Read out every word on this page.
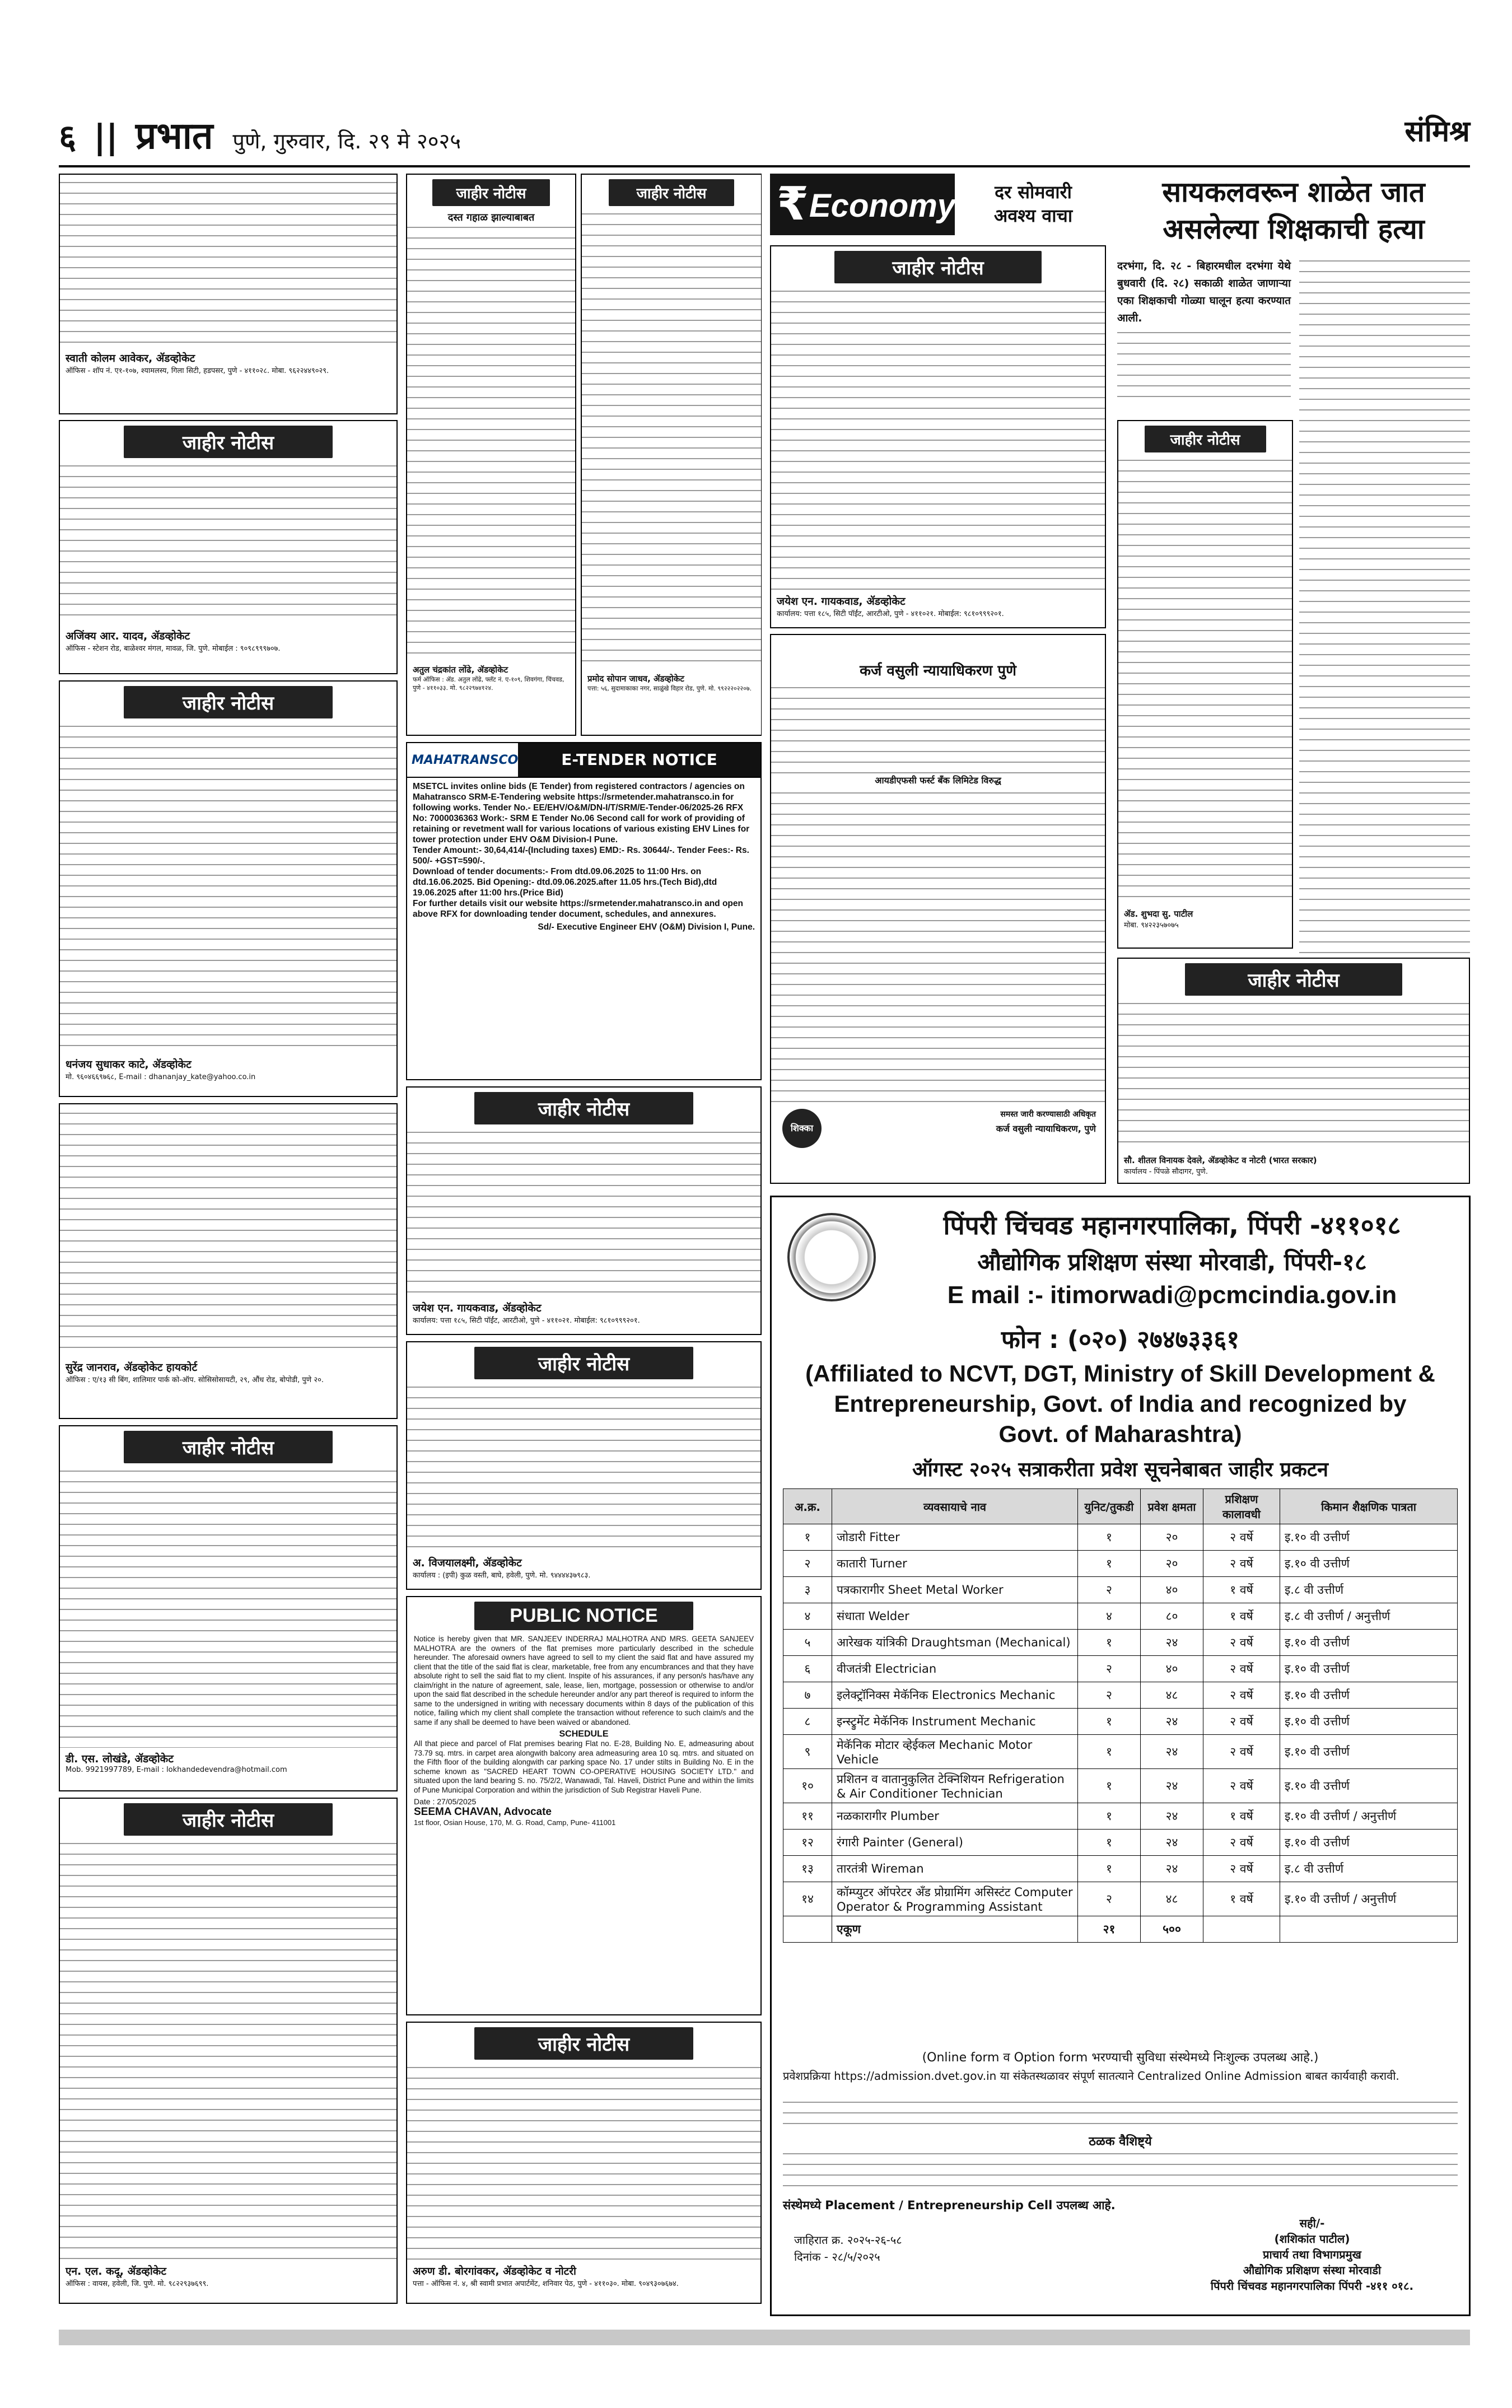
६ || प्रभात पुणे, गुरुवार, दि. २९ मे २०२५	संमिश्र
स्वाती कोलम आवेकर, ॲडव्होकेट
ऑफिस - शॉप नं. ए१-१०७, श्यामलस्य, गिला सिटी, हडपसर, पुणे - ४११०२८. मोबा. ९६२२४४९०२९.
जाहीर नोटीस
अजिंक्य आर. यादव, ॲडव्होकेट
ऑफिस - स्टेशन रोड, बाळेश्वर मंगल, मावळ, जि. पुणे. मोबाईल : ९०९८९९९७०७.
जाहीर नोटीस
धनंजय सुधाकर काटे, ॲडव्होकेट
मो. ९६०४६६९७६८, E-mail : dhananjay_kate@yahoo.co.in
सुरेंद्र जानराव, ॲडव्होकेट हायकोर्ट
ऑफिस : ए/१३ सी बिंग, शालिमार पार्क को-ऑप. सोसिसोसायटी, २९, औंध रोड, बोपोडी, पुणे २०.
जाहीर नोटीस
डी. एस. लोखंडे, ॲडव्होकेट
Mob. 9921997789, E-mail : lokhandedevendra@hotmail.com
जाहीर नोटीस
एन. एल. कदू, ॲडव्होकेट
ऑफिस : वायस, हवेली, जि. पुणे. मो. ९८२२९३७६९९.
जाहीर नोटीस
दस्त गहाळ झाल्याबाबत
अतुल चंद्रकांत लोंढे, ॲडव्होकेट
फर्म ऑफिस : ॲड. अतुल लोंढे, फ्लॅट नं. ए-१०९, शिवगंगा, चिंचवड, पुणे - ४११०३३. मो. ९८२२९७४१२४.
जाहीर नोटीस
प्रमोद सोपान जाधव, ॲडव्होकेट
पत्ता: ५६, सुदामाकाका नगर, साळुंखे विहार रोड, पुणे. मो. ९९२२२०२२०७.
MAHATRANSCO	E-TENDER NOTICE
MSETCL invites online bids (E Tender) from registered contractors / agencies on Mahatransco SRM-E-Tendering website https://srmetender.mahatransco.in for following works. Tender No.- EE/EHV/O&M/DN-I/T/SRM/E-Tender-06/2025-26 RFX No: 7000036363 Work:- SRM E Tender No.06 Second call for work of providing of retaining or revetment wall for various locations of various existing EHV Lines for tower protection under EHV O&M Division-I Pune.
Tender Amount:- 30,64,414/-(Including taxes) EMD:- Rs. 30644/-. Tender Fees:- Rs. 500/- +GST=590/-.
Download of tender documents:- From dtd.09.06.2025 to 11:00 Hrs. on dtd.16.06.2025. Bid Opening:- dtd.09.06.2025.after 11.05 hrs.(Tech Bid),dtd 19.06.2025 after 11:00 hrs.(Price Bid)
For further details visit our website https://srmetender.mahatransco.in and open above RFX for downloading tender document, schedules, and annexures.
Sd/- Executive Engineer EHV (O&M) Division I, Pune.
जाहीर नोटीस
जयेश एन. गायकवाड, ॲडव्होकेट
कार्यालय: पत्ता १८५, सिटी पॉईंट, आरटीओ, पुणे - ४११०२१. मोबाईल: ९८१०९९९२०१.
जाहीर नोटीस
अ. विजयालक्ष्मी, ॲडव्होकेट
कार्यालय : (इपी) कुळ वस्ती, बाघे, हवेली, पुणे. मो. ९४४४४३७९८३.
PUBLIC NOTICE
Notice is hereby given that MR. SANJEEV INDERRAJ MALHOTRA AND MRS. GEETA SANJEEV MALHOTRA are the owners of the flat premises more particularly described in the schedule hereunder. The aforesaid owners have agreed to sell to my client the said flat and have assured my client that the title of the said flat is clear, marketable, free from any encumbrances and that they have absolute right to sell the said flat to my client. Inspite of his assurances, if any person/s has/have any claim/right in the nature of agreement, sale, lease, lien, mortgage, possession or otherwise to and/or upon the said flat described in the schedule hereunder and/or any part thereof is required to inform the same to the undersigned in writing with necessary documents within 8 days of the publication of this notice, failing which my client shall complete the transaction without reference to such claim/s and the same if any shall be deemed to have been waived or abandoned.
SCHEDULE
All that piece and parcel of Flat premises bearing Flat no. E-28, Building No. E, admeasuring about 73.79 sq. mtrs. in carpet area alongwith balcony area admeasuring area 10 sq. mtrs. and situated on the Fifth floor of the building alongwith car parking space No. 17 under stilts in Building No. E in the scheme known as "SACRED HEART TOWN CO-OPERATIVE HOUSING SOCIETY LTD." and situated upon the land bearing S. no. 75/2/2, Wanawadi, Tal. Haveli, District Pune and within the limits of Pune Municipal Corporation and within the jurisdiction of Sub Registrar Haveli Pune.
Date : 27/05/2025
SEEMA CHAVAN, Advocate
1st floor, Osian House, 170, M. G. Road, Camp, Pune- 411001
जाहीर नोटीस
अरुण डी. बोरगांवकर, ॲडव्होकेट व नोटरी
पत्ता - ऑफिस नं. ४, श्री स्वामी प्रभात अपार्टमेंट, शनिवार पेठ, पुणे - ४११०३०. मोबा. ९०४९३०७६७४.
₹ Economy	दर सोमवारी
अवश्य वाचा
जाहीर नोटीस
जयेश एन. गायकवाड, ॲडव्होकेट
कार्यालय: पत्ता १८५, सिटी पॉईंट, आरटीओ, पुणे - ४११०२१. मोबाईल: ९८१०९९९२०१.
कर्ज वसुली न्यायाधिकरण पुणे
आयडीएफसी फर्स्ट बँक लिमिटेड विरुद्ध
शिक्का
समस्त जारी करण्यासाठी अधिकृत
कर्ज वसुली न्यायाधिकरण, पुणे
सायकलवरून शाळेत जात
असलेल्या शिक्षकाची हत्या
दरभंगा, दि. २८ - बिहारमधील दरभंगा येथे बुधवारी (दि. २८) सकाळी शाळेत जाणाऱ्या एका शिक्षकाची गोळ्या घालून हत्या करण्यात आली.
जाहीर नोटीस
ॲड. शुभदा सु. पाटील
मोबा. ९४२२३५७०७५
जाहीर नोटीस
सौ. शीतल विनायक देवले, ॲडव्होकेट व नोटरी (भारत सरकार)
कार्यालय - पिंपळे सौदागर, पुणे.
पिंपरी चिंचवड महानगरपालिका, पिंपरी -४११०१८
औद्योगिक प्रशिक्षण संस्था मोरवाडी, पिंपरी-१८
E mail :- itimorwadi@pcmcindia.gov.in
फोन : (०२०) २७४७३३६१
(Affiliated to NCVT, DGT, Ministry of Skill Development & Entrepreneurship, Govt. of India and recognized by Govt. of Maharashtra)
ऑगस्ट २०२५ सत्राकरीता प्रवेश सूचनेबाबत जाहीर प्रकटन
अ.क्र.	व्यवसायाचे नाव	युनिट/तुकडी	प्रवेश क्षमता	प्रशिक्षण कालावधी	किमान शैक्षणिक पात्रता
१	जोडारी Fitter	१	२०	२ वर्षे	इ.१० वी उत्तीर्ण
२	कातारी Turner	१	२०	२ वर्षे	इ.१० वी उत्तीर्ण
३	पत्रकारागीर Sheet Metal Worker	२	४०	१ वर्षे	इ.८ वी उत्तीर्ण
४	संधाता Welder	४	८०	१ वर्षे	इ.८ वी उत्तीर्ण / अनुत्तीर्ण
५	आरेखक यांत्रिकी Draughtsman (Mechanical)	१	२४	२ वर्षे	इ.१० वी उत्तीर्ण
६	वीजतंत्री Electrician	२	४०	२ वर्षे	इ.१० वी उत्तीर्ण
७	इलेक्ट्रॉनिक्स मेकॅनिक Electronics Mechanic	२	४८	२ वर्षे	इ.१० वी उत्तीर्ण
८	इन्स्ट्रुमेंट मेकॅनिक Instrument Mechanic	१	२४	२ वर्षे	इ.१० वी उत्तीर्ण
९	मेकॅनिक मोटार व्हेईकल Mechanic Motor Vehicle	१	२४	२ वर्षे	इ.१० वी उत्तीर्ण
१०	प्रशितन व वातानुकुलित टेक्निशियन Refrigeration & Air Conditioner Technician	१	२४	२ वर्षे	इ.१० वी उत्तीर्ण
११	नळकारागीर Plumber	१	२४	१ वर्षे	इ.१० वी उत्तीर्ण / अनुत्तीर्ण
१२	रंगारी Painter (General)	१	२४	२ वर्षे	इ.१० वी उत्तीर्ण
१३	तारतंत्री Wireman	१	२४	२ वर्षे	इ.८ वी उत्तीर्ण
१४	कॉम्प्युटर ऑपरेटर अँड प्रोग्रामिंग असिस्टंट Computer Operator & Programming Assistant	२	४८	१ वर्षे	इ.१० वी उत्तीर्ण / अनुत्तीर्ण
	एकूण	२१	५००		
(Online form व Option form भरण्याची सुविधा संस्थेमध्ये निःशुल्क उपलब्ध आहे.)
प्रवेशप्रक्रिया https://admission.dvet.gov.in या संकेतस्थळावर संपूर्ण सातत्याने Centralized Online Admission बाबत कार्यवाही करावी.
ठळक वैशिष्ट्ये
संस्थेमध्ये Placement / Entrepreneurship Cell उपलब्ध आहे.
जाहिरात क्र. २०२५-२६-५८
दिनांक - २८/५/२०२५
सही/-
(शशिकांत पाटील)
प्राचार्य तथा विभागप्रमुख
औद्योगिक प्रशिक्षण संस्था मोरवाडी
पिंपरी चिंचवड महानगरपालिका पिंपरी -४११ ०१८.
